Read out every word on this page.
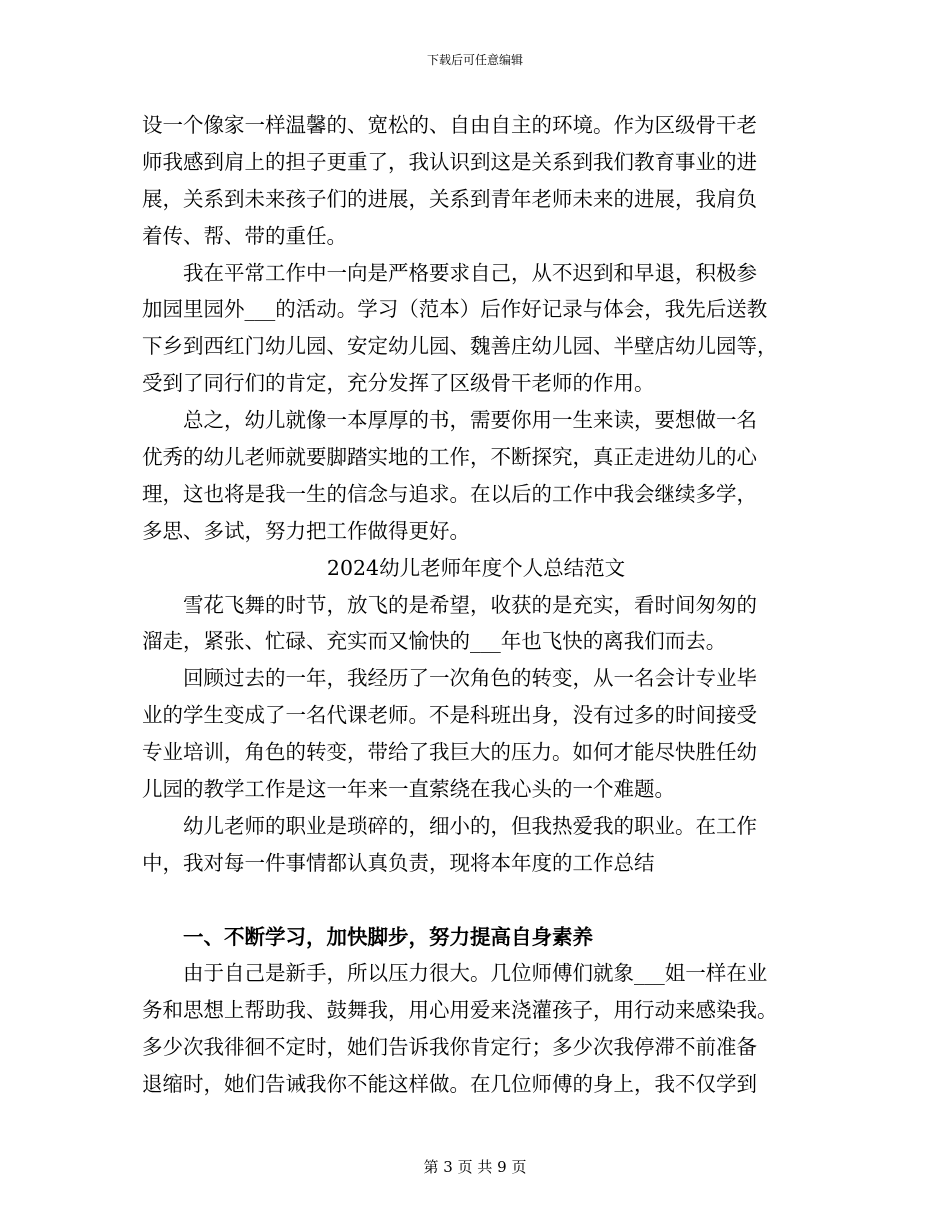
下载后可任意编辑
设一个像家一样温馨的、宽松的、自由自主的环境。作为区级骨干老
师我感到肩上的担子更重了，我认识到这是关系到我们教育事业的进
展，关系到未来孩子们的进展，关系到青年老师未来的进展，我肩负
着传、帮、带的重任。
我在平常工作中一向是严格要求自己，从不迟到和早退，积极参
加园里园外___的活动。学习（范本）后作好记录与体会，我先后送教
下乡到西红门幼儿园、安定幼儿园、魏善庄幼儿园、半壁店幼儿园等，
受到了同行们的肯定，充分发挥了区级骨干老师的作用。
总之，幼儿就像一本厚厚的书，需要你用一生来读，要想做一名
优秀的幼儿老师就要脚踏实地的工作，不断探究，真正走进幼儿的心
理，这也将是我一生的信念与追求。在以后的工作中我会继续多学，
多思、多试，努力把工作做得更好。
2024幼儿老师年度个人总结范文
雪花飞舞的时节，放飞的是希望，收获的是充实，看时间匆匆的
溜走，紧张、忙碌、充实而又愉快的___年也飞快的离我们而去。
回顾过去的一年，我经历了一次角色的转变，从一名会计专业毕
业的学生变成了一名代课老师。不是科班出身，没有过多的时间接受
专业培训，角色的转变，带给了我巨大的压力。如何才能尽快胜任幼
儿园的教学工作是这一年来一直萦绕在我心头的一个难题。
幼儿老师的职业是琐碎的，细小的，但我热爱我的职业。在工作
中，我对每一件事情都认真负责，现将本年度的工作总结
一、不断学习，加快脚步，努力提高自身素养
由于自己是新手，所以压力很大。几位师傅们就象___姐一样在业
务和思想上帮助我、鼓舞我，用心用爱来浇灌孩子，用行动来感染我。
多少次我徘徊不定时，她们告诉我你肯定行；多少次我停滞不前准备
退缩时，她们告诫我你不能这样做。在几位师傅的身上，我不仅学到
第 3 页 共 9 页
